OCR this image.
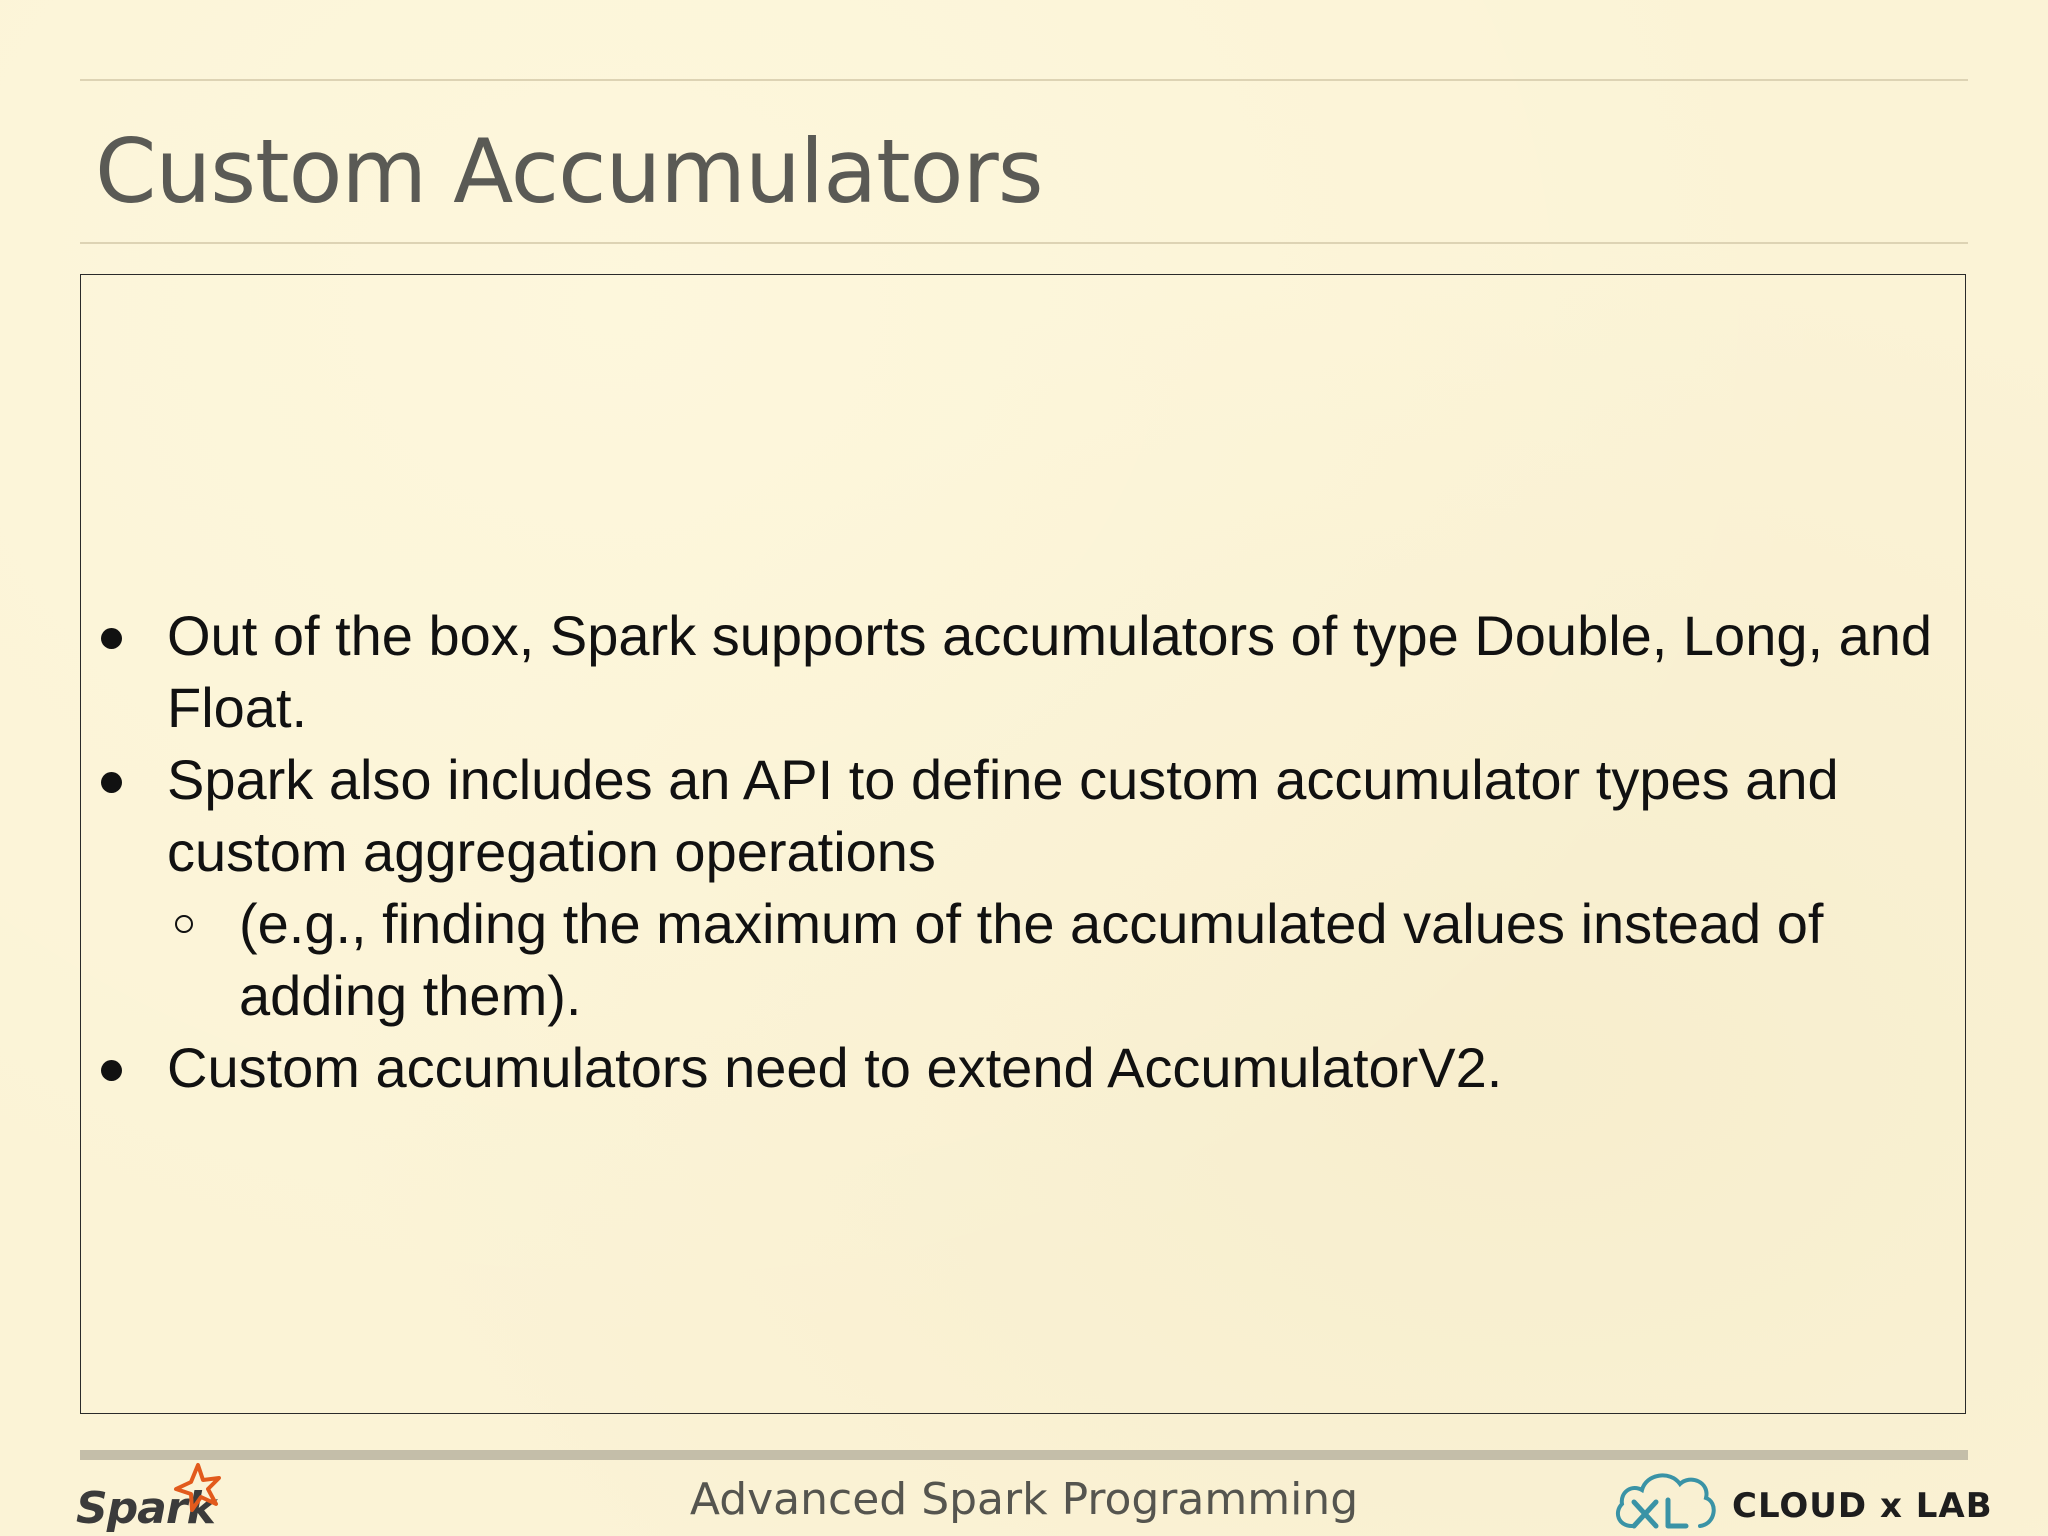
Custom Accumulators
Out of the box, Spark supports accumulators of type Double, Long, and Float.
Spark also includes an API to define custom accumulator types and custom aggregation operations
(e.g., finding the maximum of the accumulated values instead of adding them).
Custom accumulators need to extend AccumulatorV2.
Spark	Advanced Spark Programming	CLOUD x LAB
